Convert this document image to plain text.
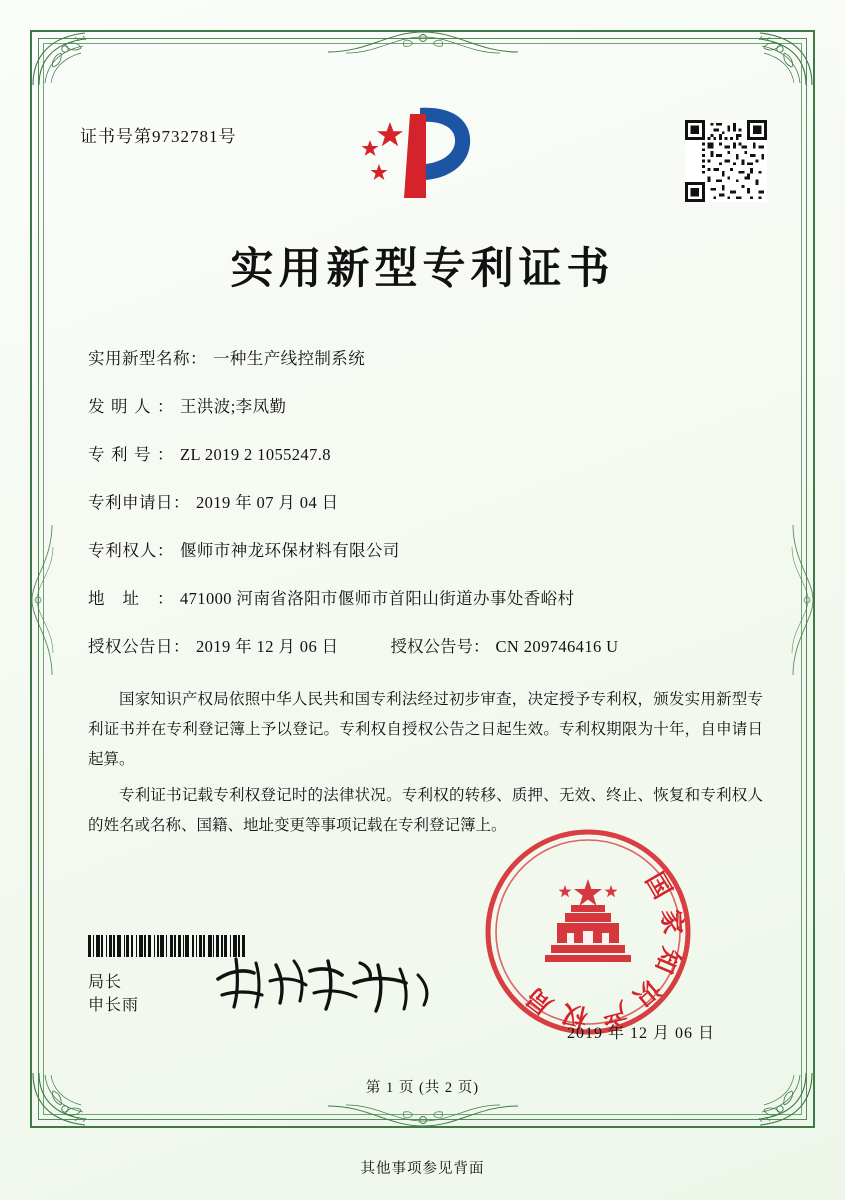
证书号第9732781号
实用新型专利证书
实用新型名称： 一种生产线控制系统
发明人： 王洪波;李凤勤
专利号： ZL 2019 2 1055247.8
专利申请日： 2019 年 07 月 04 日
专利权人： 偃师市神龙环保材料有限公司
地址： 471000 河南省洛阳市偃师市首阳山街道办事处香峪村
授权公告日： 2019 年 12 月 06 日	授权公告号： CN 209746416 U

国家知识产权局依照中华人民共和国专利法经过初步审查，决定授予专利权，颁发实用新型专利证书并在专利登记簿上予以登记。专利权自授权公告之日起生效。专利权期限为十年，自申请日起算。

专利证书记载专利权登记时的法律状况。专利权的转移、质押、无效、终止、恢复和专利权人的姓名或名称、国籍、地址变更等事项记载在专利登记簿上。

局长
申长雨
国家知识产权局
2019 年 12 月 06 日
第 1 页 (共 2 页)
其他事项参见背面
